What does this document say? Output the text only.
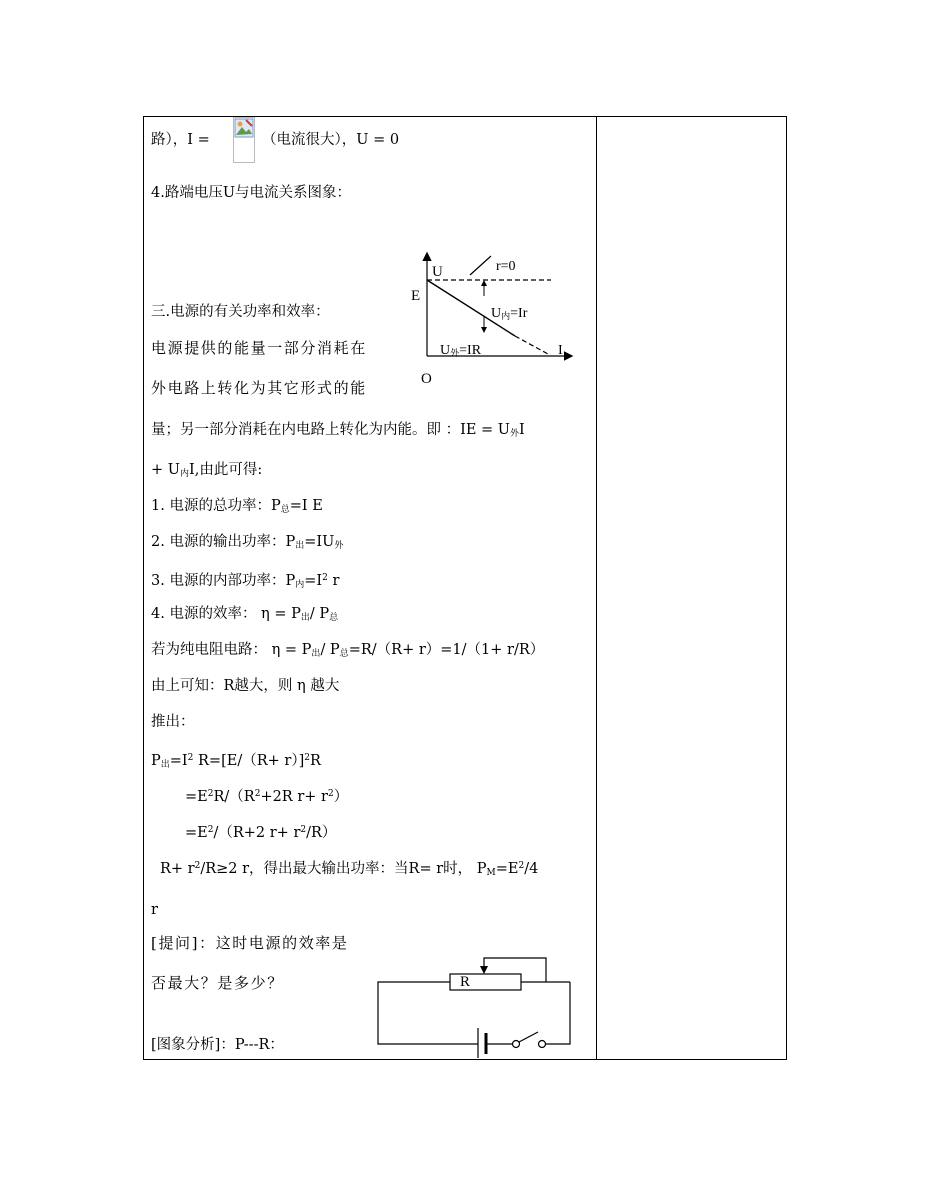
路），I =	（电流很大），U = 0
4.路端电压U与电流关系图象：
U
E
r=0
U内=Ir
U外=IR	I
O
三.电源的有关功率和效率：
电源提供的能量一部分消耗在
外电路上转化为其它形式的能
量；另一部分消耗在内电路上转化为内能。即 ：IE = $U_外I$
+ $U_内I$,由此可得:
1. 电源的总功率：$P_总=I$ E
2. 电源的输出功率：$P_出=IU_外$
3. 电源的内部功率：$P_内=I^2$ r
4. 电源的效率： $\eta = P_出/$ $P_总$
若为纯电阻电路： $\eta = P_出/$ $P_总=R/(R+ r)=1/(1+ r/R)$
由上可知：R越大，则 η 越大
推出：
$P_出=I^2$ $R=[E/(R+ r)]^2R$
$=E^2R/(R^2+2R$ $r+ r^2$）
$=E^2/(R+2$ $r+ r^2/R$）
$R+ r^2/R\ge 2$ r，得出最大输出功率：当R= r时， $P_M=E^2/4$
r
[提问]：这时电源的效率是
否最大？是多少？
[图象分析]：P---R：
R
